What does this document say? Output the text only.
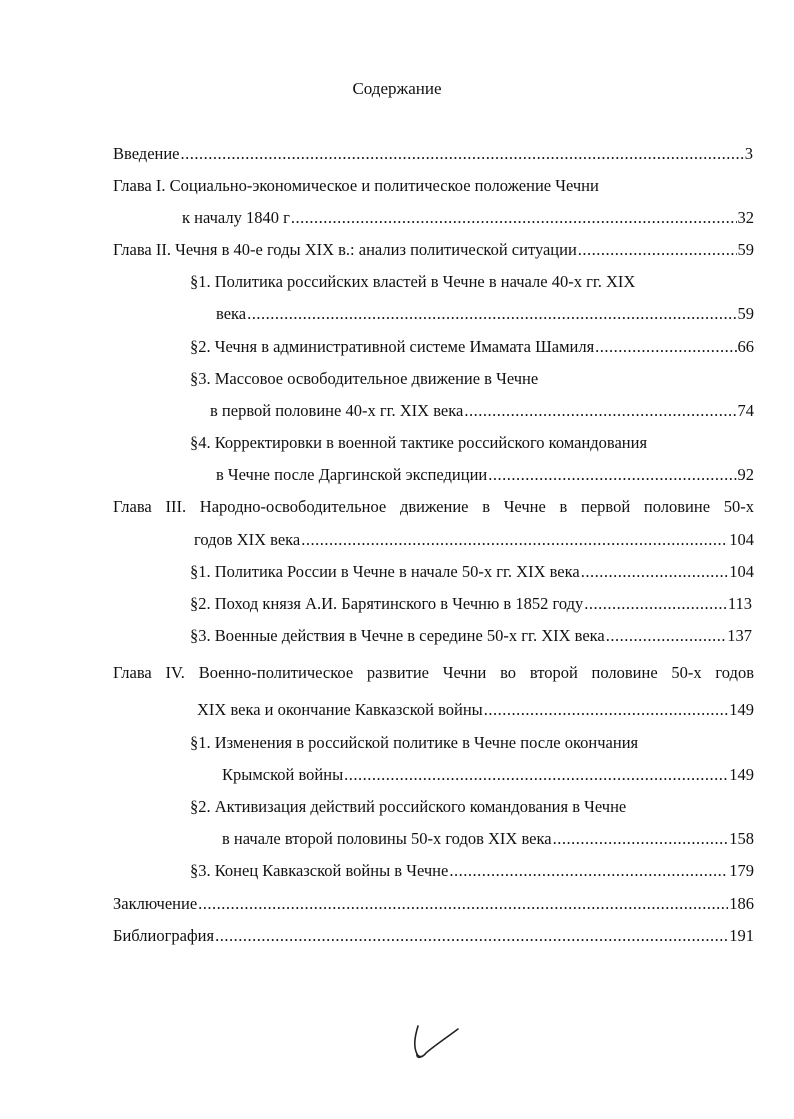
Содержание
Введение .....	3
Глава I. Социально-экономическое и политическое положение Чечни
к началу 1840 г .....	32
Глава II. Чечня в 40-е годы XIX в.: анализ политической ситуации .....	59
§1. Политика российских властей в Чечне в начале 40-х гг. XIX
века .....	59
§2. Чечня в административной системе Имамата Шамиля .....	66
§3. Массовое освободительное движение в Чечне
в первой половине 40-х гг. XIX века .....	74
§4. Корректировки в военной тактике российского командования
в Чечне после Даргинской экспедиции .....	92
Глава III. Народно-освободительное движение в Чечне в первой половине 50-х
годов XIX века .....	104
§1. Политика России в Чечне в начале 50-х гг. XIX века .....	104
§2. Поход князя А.И. Барятинского в Чечню в 1852 году .....	113
§3. Военные действия в Чечне в середине 50-х гг. XIX века .....	137
Глава IV. Военно-политическое развитие Чечни во второй половине 50-х годов
XIX века и окончание Кавказской войны .....	149
§1. Изменения в российской политике в Чечне после окончания
Крымской войны .....	149
§2. Активизация действий российского командования в Чечне
в начале второй половины 50-х годов XIX века .....	158
§3. Конец Кавказской войны в Чечне .....	179
Заключение .....	186
Библиография .....	191
